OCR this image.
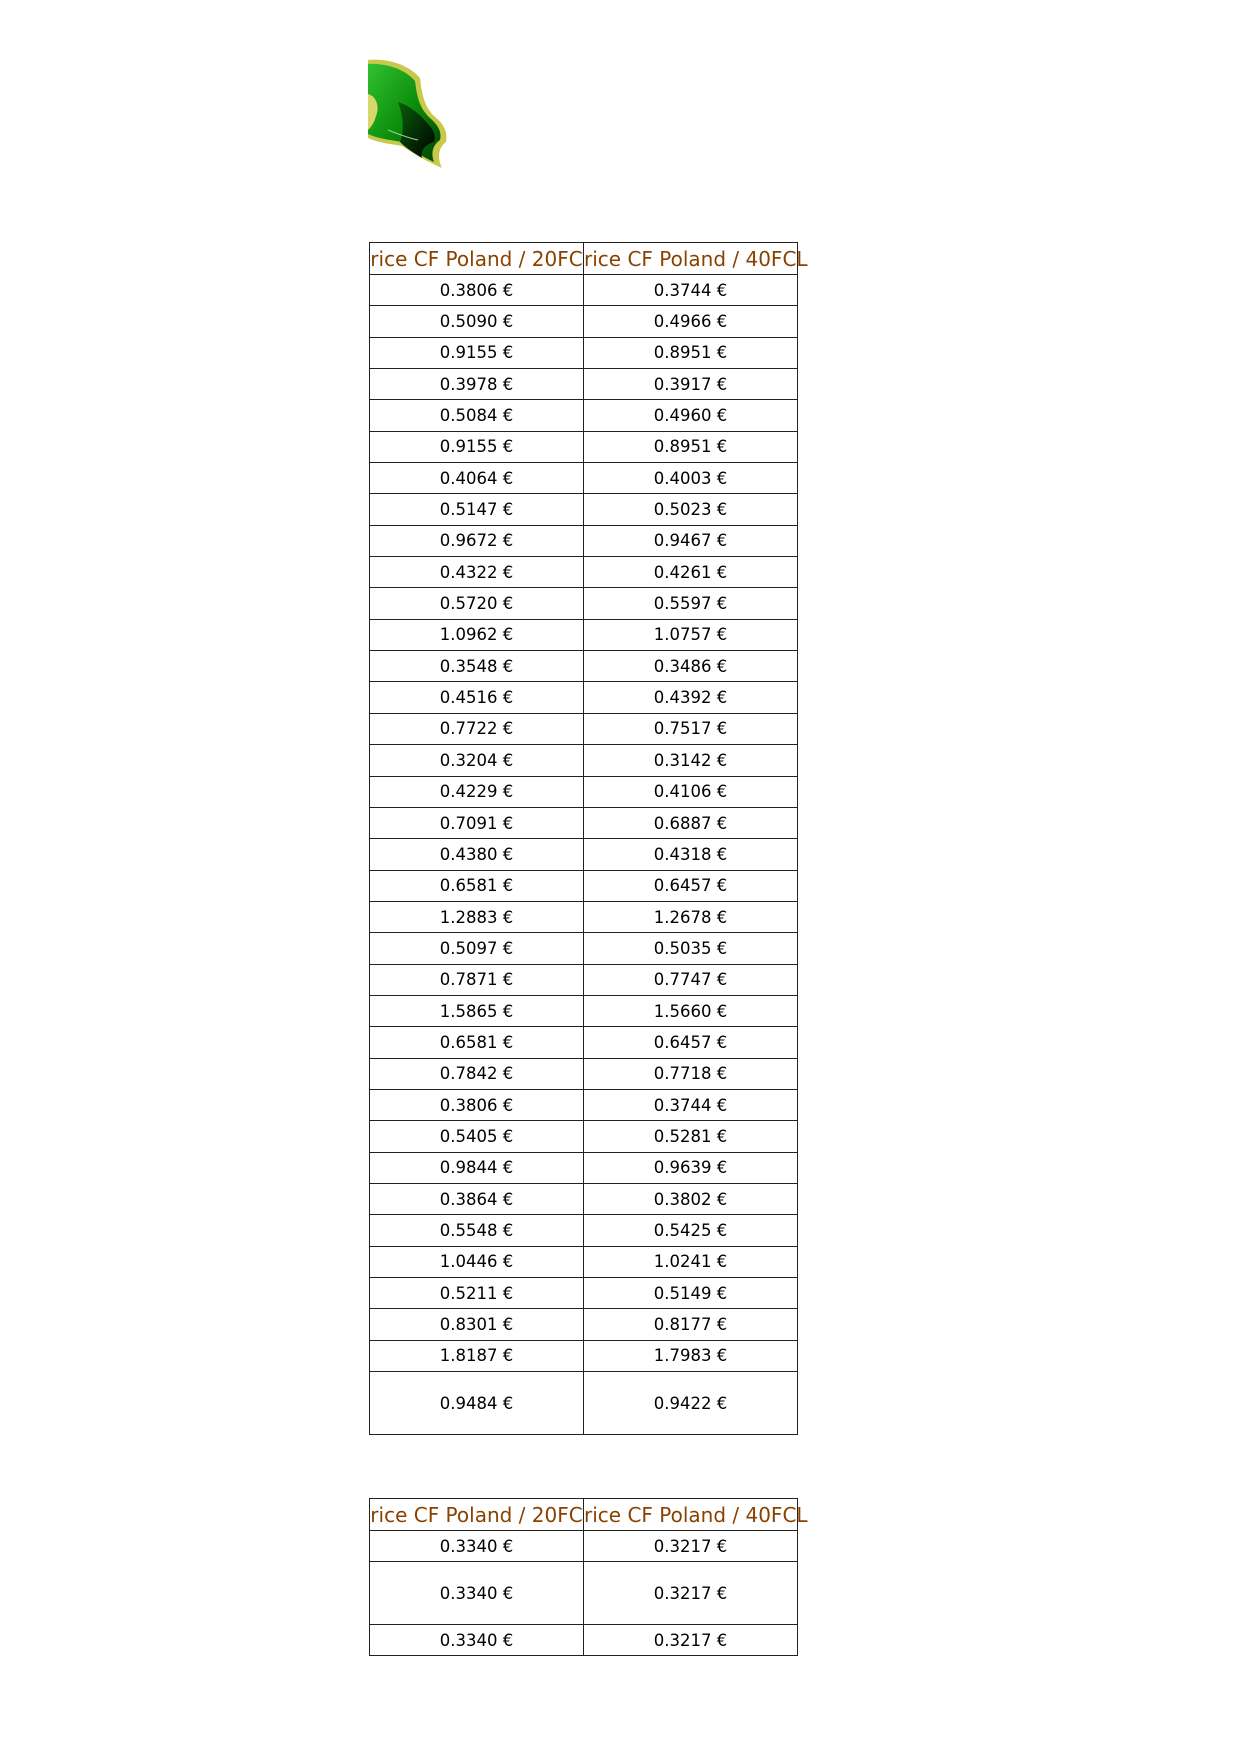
rice CF Poland / 20FC	rice CF Poland / 40FCL
0.3806 €	0.3744 €
0.5090 €	0.4966 €
0.9155 €	0.8951 €
0.3978 €	0.3917 €
0.5084 €	0.4960 €
0.9155 €	0.8951 €
0.4064 €	0.4003 €
0.5147 €	0.5023 €
0.9672 €	0.9467 €
0.4322 €	0.4261 €
0.5720 €	0.5597 €
1.0962 €	1.0757 €
0.3548 €	0.3486 €
0.4516 €	0.4392 €
0.7722 €	0.7517 €
0.3204 €	0.3142 €
0.4229 €	0.4106 €
0.7091 €	0.6887 €
0.4380 €	0.4318 €
0.6581 €	0.6457 €
1.2883 €	1.2678 €
0.5097 €	0.5035 €
0.7871 €	0.7747 €
1.5865 €	1.5660 €
0.6581 €	0.6457 €
0.7842 €	0.7718 €
0.3806 €	0.3744 €
0.5405 €	0.5281 €
0.9844 €	0.9639 €
0.3864 €	0.3802 €
0.5548 €	0.5425 €
1.0446 €	1.0241 €
0.5211 €	0.5149 €
0.8301 €	0.8177 €
1.8187 €	1.7983 €
0.9484 €	0.9422 €
rice CF Poland / 20FC	rice CF Poland / 40FCL
0.3340 €	0.3217 €
0.3340 €	0.3217 €
0.3340 €	0.3217 €
